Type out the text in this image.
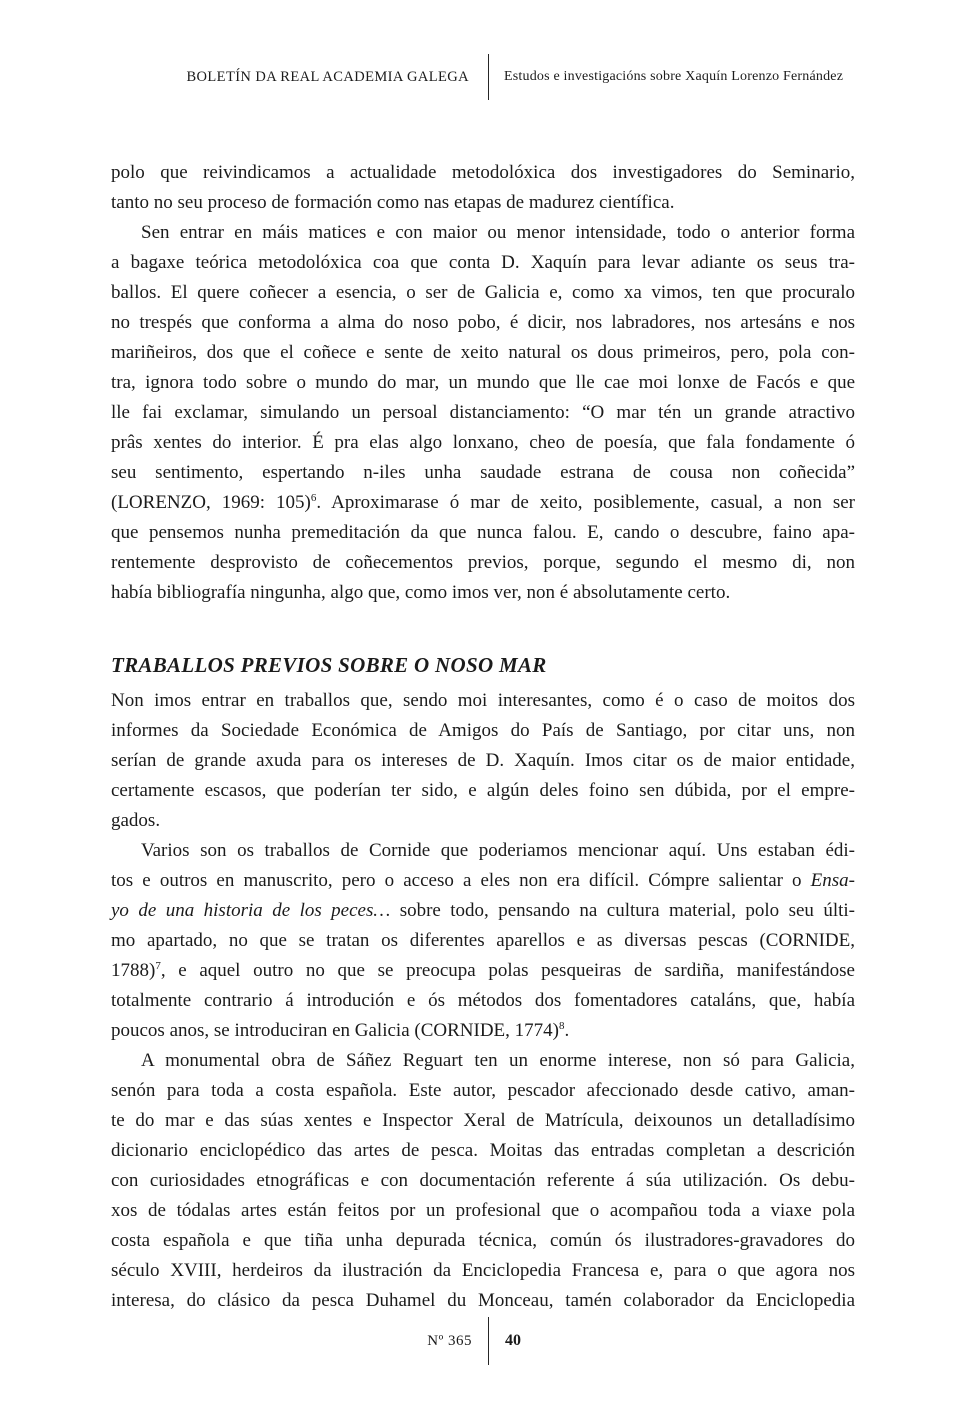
BOLETÍN DA REAL ACADEMIA GALEGA	Estudos e investigacións sobre Xaquín Lorenzo Fernández
polo que reivindicamos a actualidade metodolóxica dos investigadores do Seminario,
tanto no seu proceso de formación como nas etapas de madurez científica.
Sen entrar en máis matices e con maior ou menor intensidade, todo o anterior forma
a bagaxe teórica metodolóxica coa que conta D. Xaquín para levar adiante os seus tra-
ballos. El quere coñecer a esencia, o ser de Galicia e, como xa vimos, ten que procuralo
no trespés que conforma a alma do noso pobo, é dicir, nos labradores, nos artesáns e nos
mariñeiros, dos que el coñece e sente de xeito natural os dous primeiros, pero, pola con-
tra, ignora todo sobre o mundo do mar, un mundo que lle cae moi lonxe de Facós e que
lle fai exclamar, simulando un persoal distanciamento: “O mar tén un grande atractivo
prâs xentes do interior. É pra elas algo lonxano, cheo de poesía, que fala fondamente ó
seu sentimento, espertando n-iles unha saudade estrana de cousa non coñecida”
(LORENZO, 1969: 105)$^6$. Aproximarase ó mar de xeito, posiblemente, casual, a non ser
que pensemos nunha premeditación da que nunca falou. E, cando o descubre, faino apa-
rentemente desprovisto de coñecementos previos, porque, segundo el mesmo di, non
había bibliografía ningunha, algo que, como imos ver, non é absolutamente certo.
TRABALLOS PREVIOS SOBRE O NOSO MAR
Non imos entrar en traballos que, sendo moi interesantes, como é o caso de moitos dos
informes da Sociedade Económica de Amigos do País de Santiago, por citar uns, non
serían de grande axuda para os intereses de D. Xaquín. Imos citar os de maior entidade,
certamente escasos, que poderían ter sido, e algún deles foino sen dúbida, por el empre-
gados.
Varios son os traballos de Cornide que poderiamos mencionar aquí. Uns estaban édi-
tos e outros en manuscrito, pero o acceso a eles non era difícil. Cómpre salientar o Ensa-
yo de una historia de los peces… sobre todo, pensando na cultura material, polo seu últi-
mo apartado, no que se tratan os diferentes aparellos e as diversas pescas (CORNIDE,
1788)$^7$, e aquel outro no que se preocupa polas pesqueiras de sardiña, manifestándose
totalmente contrario á introdución e ós métodos dos fomentadores cataláns, que, había
poucos anos, se introduciran en Galicia (CORNIDE, 1774)$^8$.
A monumental obra de Sáñez Reguart ten un enorme interese, non só para Galicia,
senón para toda a costa española. Este autor, pescador afeccionado desde cativo, aman-
te do mar e das súas xentes e Inspector Xeral de Matrícula, deixounos un detalladísimo
dicionario enciclopédico das artes de pesca. Moitas das entradas completan a descrición
con curiosidades etnográficas e con documentación referente á súa utilización. Os debu-
xos de tódalas artes están feitos por un profesional que o acompañou toda a viaxe pola
costa española e que tiña unha depurada técnica, común ós ilustradores-gravadores do
século XVIII, herdeiros da ilustración da Enciclopedia Francesa e, para o que agora nos
interesa, do clásico da pesca Duhamel du Monceau, tamén colaborador da Enciclopedia
Nº 365	40
